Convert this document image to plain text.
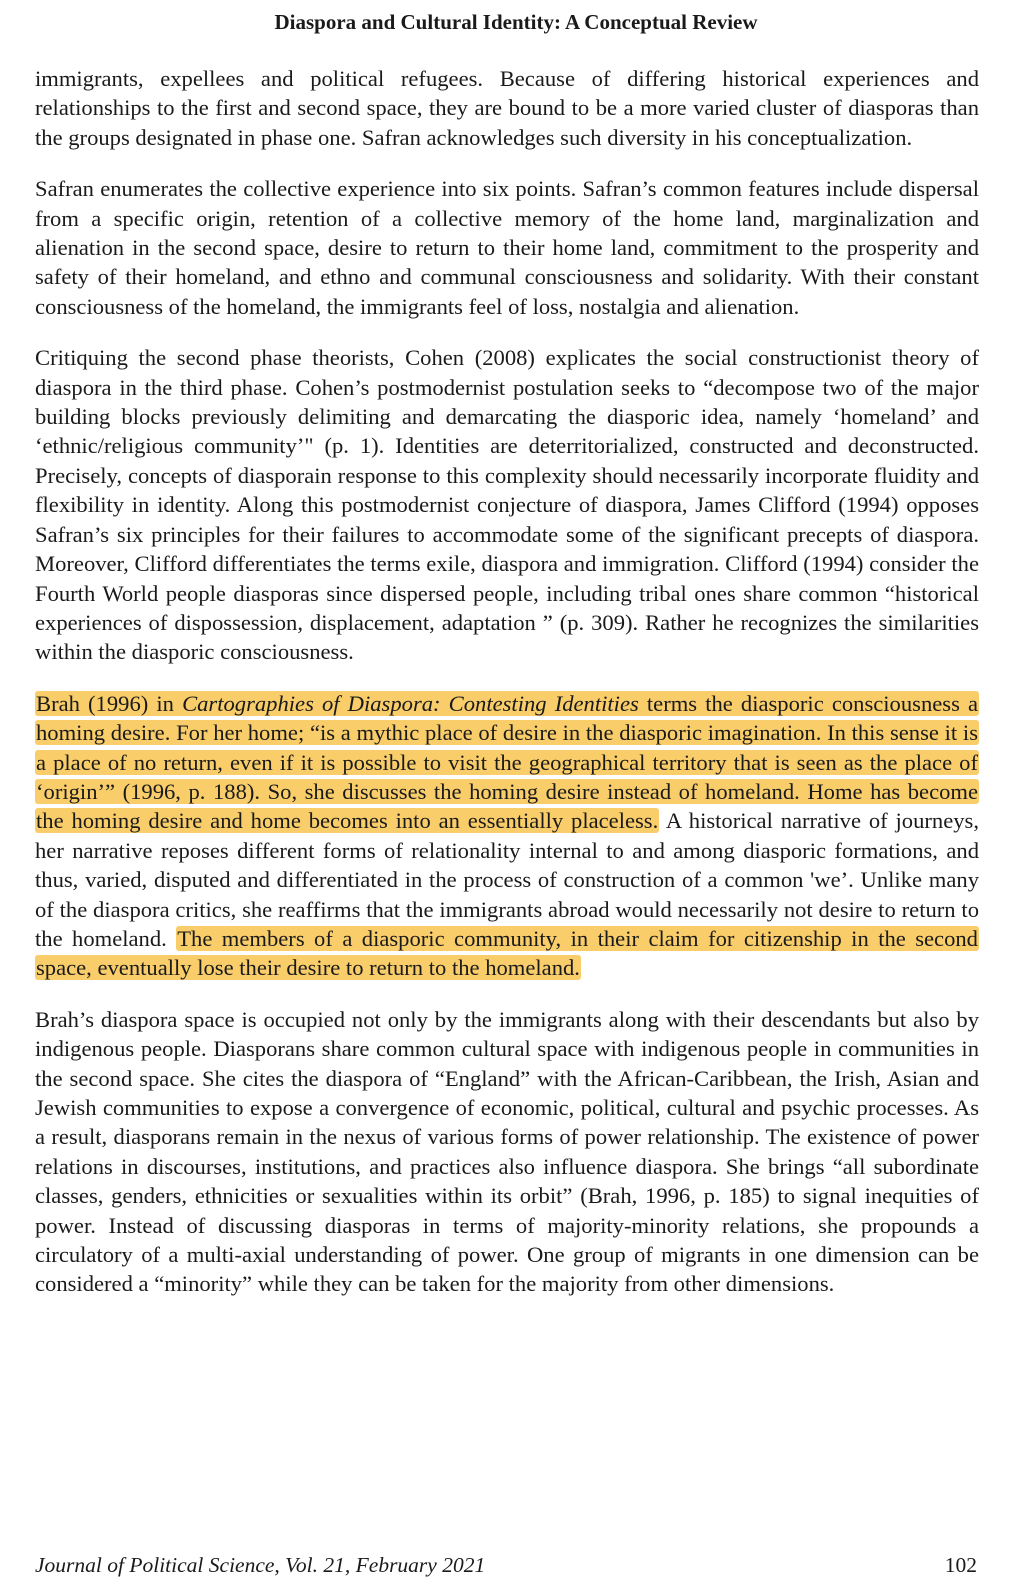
Diaspora and Cultural Identity: A Conceptual Review

immigrants, expellees and political refugees. Because of differing historical experiences and relationships to the first and second space, they are bound to be a more varied cluster of diasporas than the groups designated in phase one. Safran acknowledges such diversity in his conceptualization.

Safran enumerates the collective experience into six points. Safran’s common features include dispersal from a specific origin, retention of a collective memory of the home land, marginalization and alienation in the second space, desire to return to their home land, commitment to the prosperity and safety of their homeland, and ethno and communal consciousness and solidarity. With their constant consciousness of the homeland, the immigrants feel of loss, nostalgia and alienation.

Critiquing the second phase theorists, Cohen (2008) explicates the social constructionist theory of diaspora in the third phase. Cohen’s postmodernist postulation seeks to “decompose two of the major building blocks previously delimiting and demarcating the diasporic idea, namely ‘homeland’ and ‘ethnic/religious community’" (p. 1). Identities are deterritorialized, constructed and deconstructed. Precisely, concepts of diasporain response to this complexity should necessarily incorporate fluidity and flexibility in identity. Along this postmodernist conjecture of diaspora, James Clifford (1994) opposes Safran’s six principles for their failures to accommodate some of the significant precepts of diaspora. Moreover, Clifford differentiates the terms exile, diaspora and immigration. Clifford (1994) consider the Fourth World people diasporas since dispersed people, including tribal ones share common “historical experiences of dispossession, displacement, adaptation ” (p. 309). Rather he recognizes the similarities within the diasporic consciousness.

Brah (1996) in Cartographies of Diaspora: Contesting Identities terms the diasporic consciousness a homing desire. For her home; “is a mythic place of desire in the diasporic imagination. In this sense it is a place of no return, even if it is possible to visit the geographical territory that is seen as the place of ‘origin’” (1996, p. 188). So, she discusses the homing desire instead of homeland. Home has become the homing desire and home becomes into an essentially placeless. A historical narrative of journeys, her narrative reposes different forms of relationality internal to and among diasporic formations, and thus, varied, disputed and differentiated in the process of construction of a common 'we’. Unlike many of the diaspora critics, she reaffirms that the immigrants abroad would necessarily not desire to return to the homeland. The members of a diasporic community, in their claim for citizenship in the second space, eventually lose their desire to return to the homeland.

Brah’s diaspora space is occupied not only by the immigrants along with their descendants but also by indigenous people. Diasporans share common cultural space with indigenous people in communities in the second space. She cites the diaspora of “England” with the African-Caribbean, the Irish, Asian and Jewish communities to expose a convergence of economic, political, cultural and psychic processes. As a result, diasporans remain in the nexus of various forms of power relationship. The existence of power relations in discourses, institutions, and practices also influence diaspora. She brings “all subordinate classes, genders, ethnicities or sexualities within its orbit” (Brah, 1996, p. 185) to signal inequities of power. Instead of discussing diasporas in terms of majority-minority relations, she propounds a circulatory of a multi-axial understanding of power. One group of migrants in one dimension can be considered a “minority” while they can be taken for the majority from other dimensions.

Journal of Political Science, Vol. 21, February 2021	102
